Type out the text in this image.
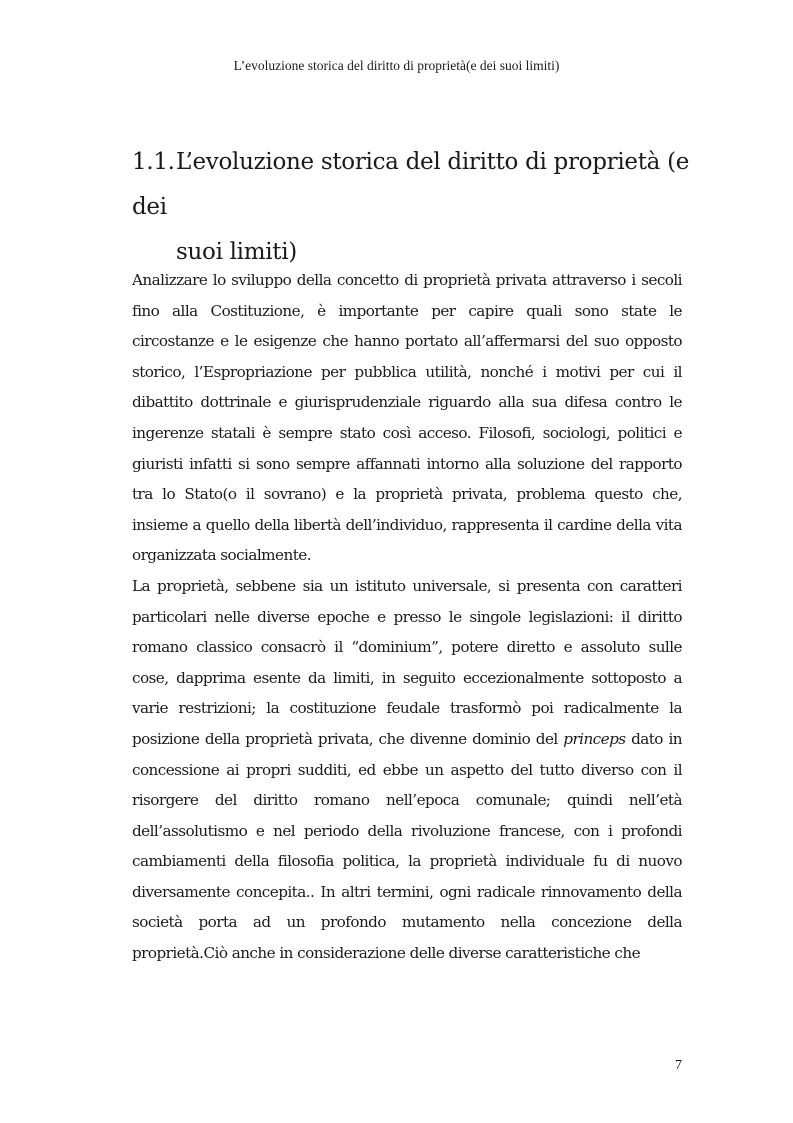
L’evoluzione storica del diritto di proprietà(e dei suoi limiti)
1.1.L’evoluzione storica del diritto di proprietà (e dei
suoi limiti)

Analizzare lo sviluppo della concetto di proprietà privata attraverso i secoli fino alla Costituzione, è importante per capire quali sono state le circostanze e le esigenze che hanno portato all’affermarsi del suo opposto storico, l’Espropriazione per pubblica utilità, nonché i motivi per cui il dibattito dottrinale e giurisprudenziale riguardo alla sua difesa contro le ingerenze statali è sempre stato così acceso. Filosofi, sociologi, politici e giuristi infatti si sono sempre affannati intorno alla soluzione del rapporto tra lo Stato(o il sovrano) e la proprietà privata, problema questo che, insieme a quello della libertà dell’individuo, rappresenta il cardine della vita organizzata socialmente.

La proprietà, sebbene sia un istituto universale, si presenta con caratteri particolari nelle diverse epoche e presso le singole legislazioni: il diritto romano classico consacrò il “dominium”, potere diretto e assoluto sulle cose, dapprima esente da limiti, in seguito eccezionalmente sottoposto a varie restrizioni; la costituzione feudale trasformò poi radicalmente la posizione della proprietà privata, che divenne dominio del princeps dato in concessione ai propri sudditi, ed ebbe un aspetto del tutto diverso con il risorgere del diritto romano nell’epoca comunale; quindi nell’età dell’assolutismo e nel periodo della rivoluzione francese, con i profondi cambiamenti della filosofia politica, la proprietà individuale fu di nuovo diversamente concepita.. In altri termini, ogni radicale rinnovamento della società porta ad un profondo mutamento nella concezione della proprietà.Ciò anche in considerazione delle diverse caratteristiche che

7
